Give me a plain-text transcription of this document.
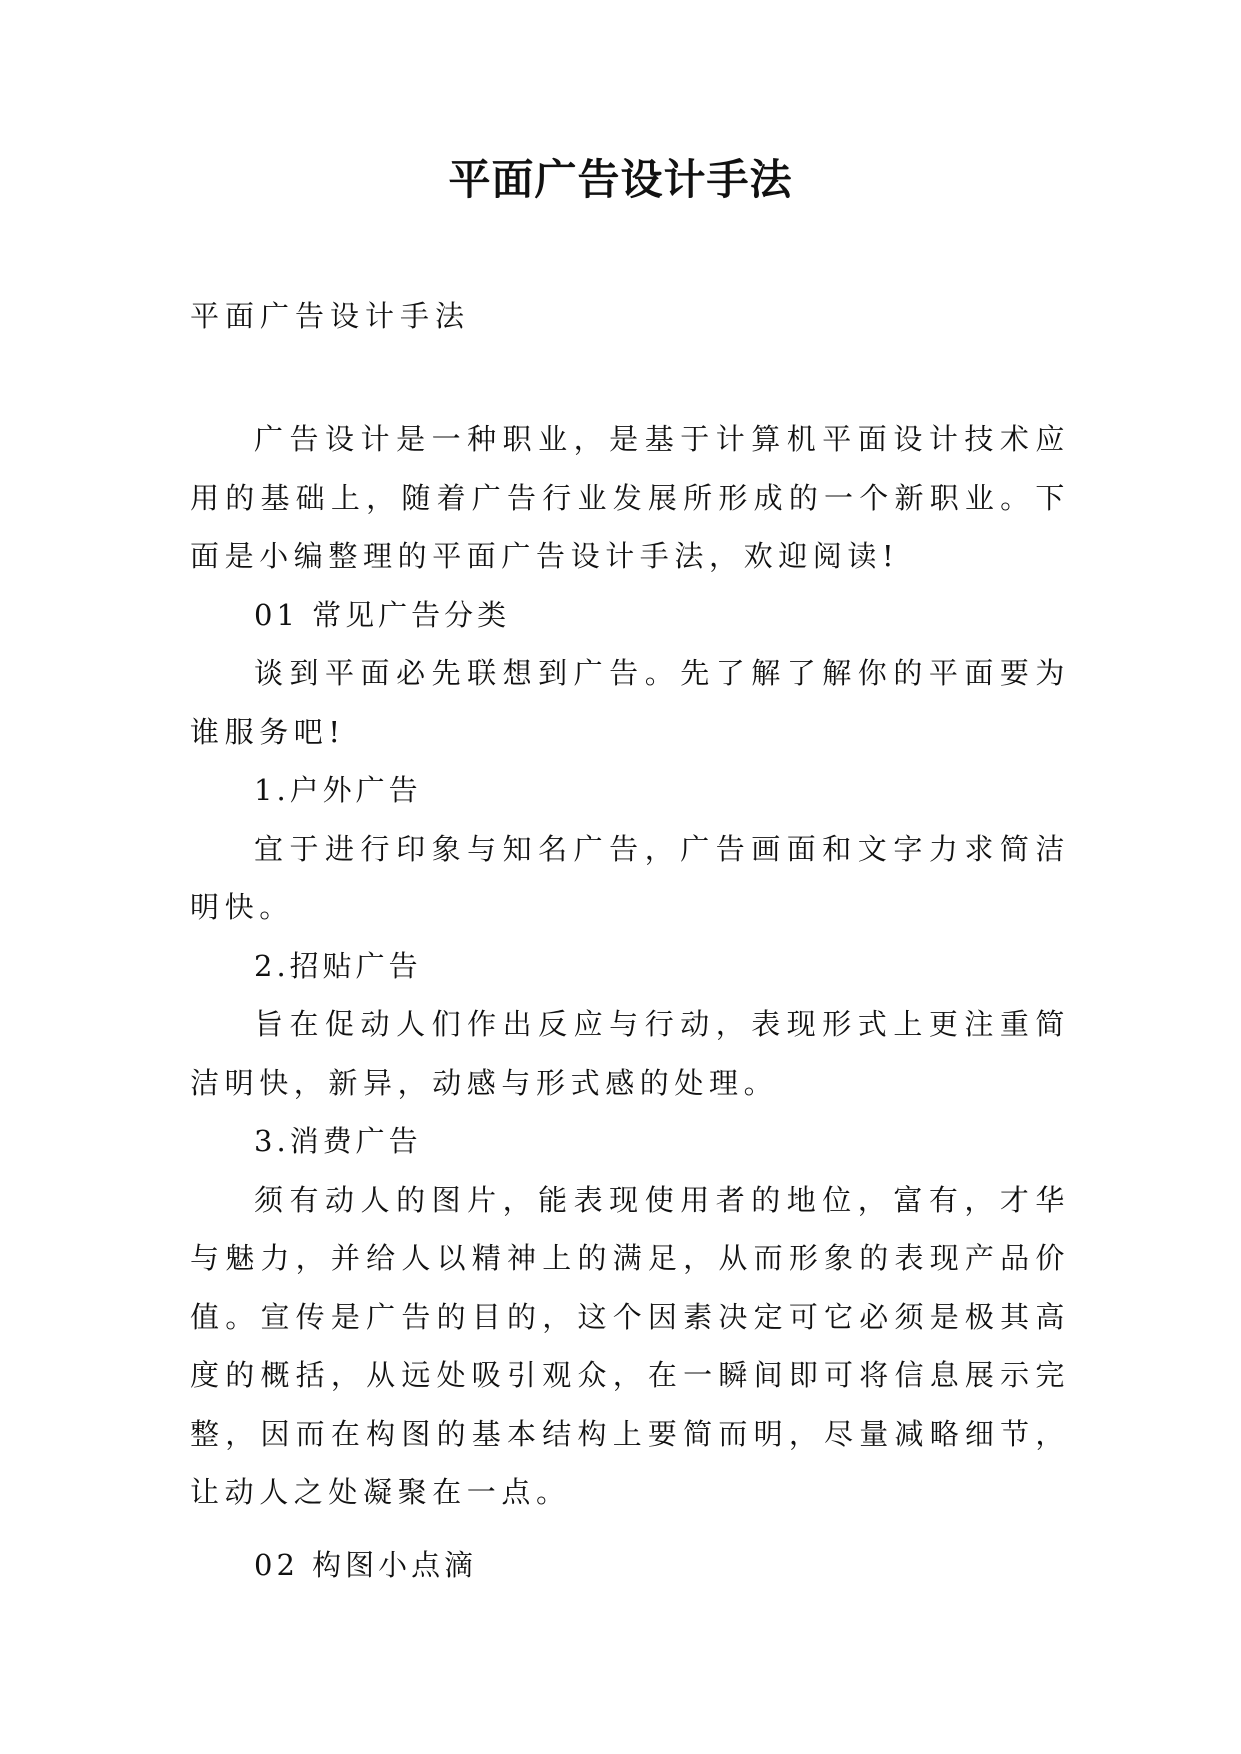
平面广告设计手法

平面广告设计手法

广告设计是一种职业，是基于计算机平面设计技术应用的基础上，随着广告行业发展所形成的一个新职业。下面是小编整理的平面广告设计手法，欢迎阅读!

01 常见广告分类

谈到平面必先联想到广告。先了解了解你的平面要为谁服务吧!

1.户外广告

宜于进行印象与知名广告，广告画面和文字力求简洁明快。

2.招贴广告

旨在促动人们作出反应与行动，表现形式上更注重简洁明快，新异，动感与形式感的处理。

3.消费广告

须有动人的图片，能表现使用者的地位，富有，才华与魅力，并给人以精神上的满足，从而形象的表现产品价值。宣传是广告的目的，这个因素决定可它必须是极其高度的概括，从远处吸引观众，在一瞬间即可将信息展示完整，因而在构图的基本结构上要简而明，尽量减略细节，让动人之处凝聚在一点。

02 构图小点滴
